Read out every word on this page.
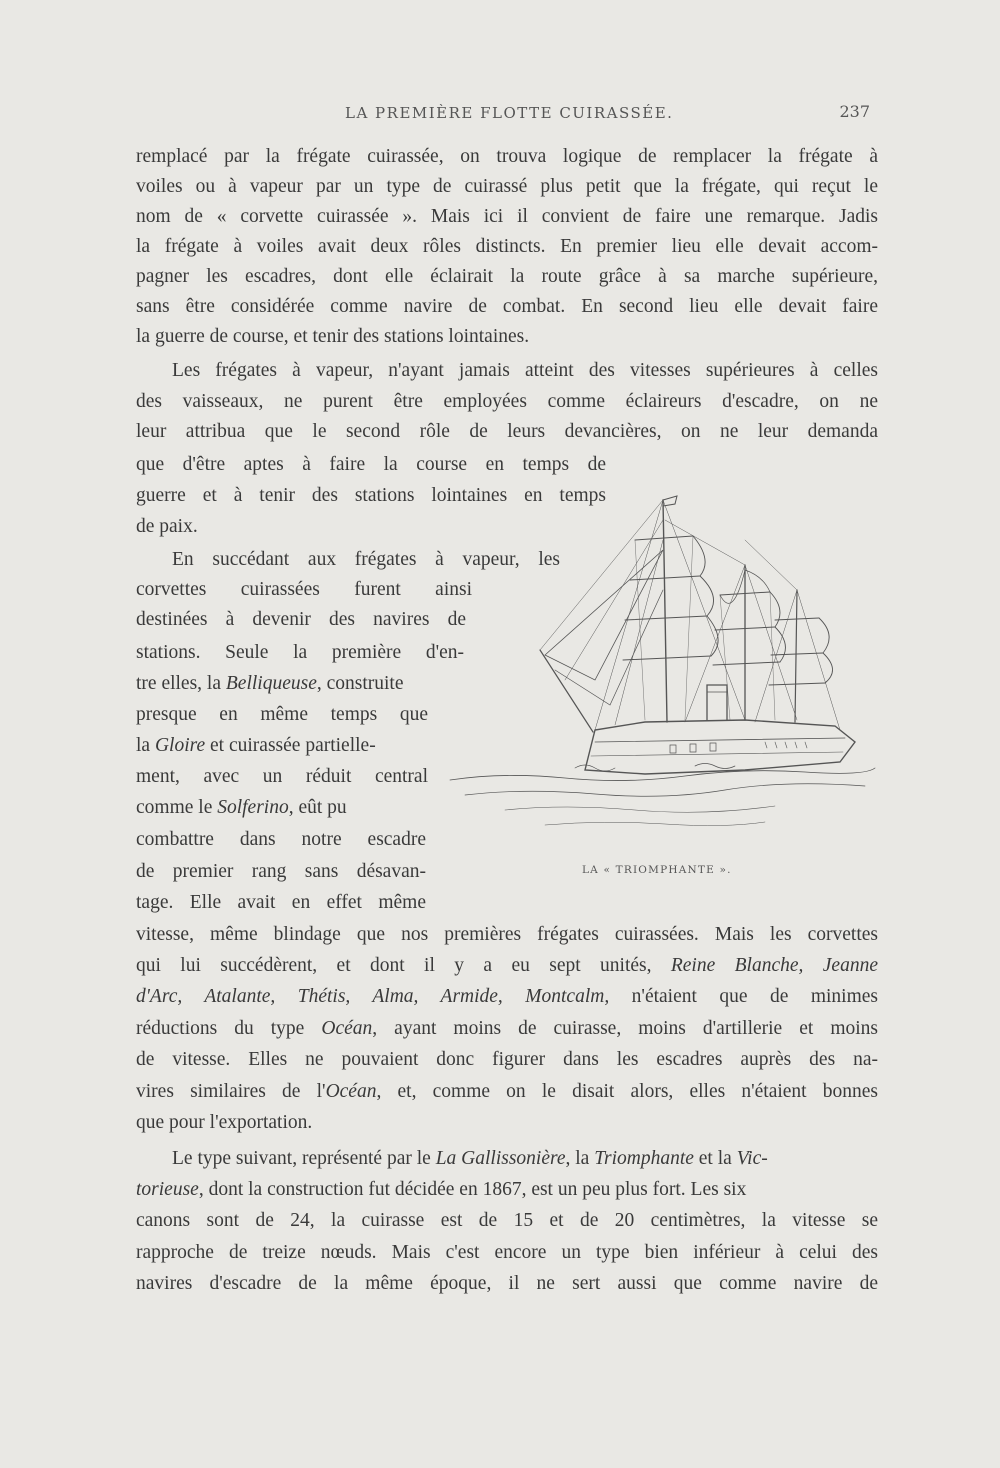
LA PREMIÈRE FLOTTE CUIRASSÉE.	237
remplacé par la frégate cuirassée, on trouva logique de remplacer la frégate à
voiles ou à vapeur par un type de cuirassé plus petit que la frégate, qui reçut le
nom de « corvette cuirassée ». Mais ici il convient de faire une remarque. Jadis
la frégate à voiles avait deux rôles distincts. En premier lieu elle devait accom-
pagner les escadres, dont elle éclairait la route grâce à sa marche supérieure,
sans être considérée comme navire de combat. En second lieu elle devait faire
la guerre de course, et tenir des stations lointaines.
Les frégates à vapeur, n'ayant jamais atteint des vitesses supérieures à celles
des vaisseaux, ne purent être employées comme éclaireurs d'escadre, on ne
leur attribua que le second rôle de leurs devancières, on ne leur demanda
que d'être aptes à faire la course en temps de
guerre et à tenir des stations lointaines en temps
de paix.
En succédant aux frégates à vapeur, les
corvettes cuirassées furent ainsi
destinées à devenir des navires de
stations. Seule la première d'en-
tre elles, la Belliqueuse, construite
presque en même temps que
la Gloire et cuirassée partielle-
ment, avec un réduit central
comme le Solferino, eût pu
combattre dans notre escadre
de premier rang sans désavan-
tage. Elle avait en effet même
vitesse, même blindage que nos premières frégates cuirassées. Mais les corvettes
qui lui succédèrent, et dont il y a eu sept unités, Reine Blanche, Jeanne
d'Arc, Atalante, Thétis, Alma, Armide, Montcalm, n'étaient que de minimes
réductions du type Océan, ayant moins de cuirasse, moins d'artillerie et moins
de vitesse. Elles ne pouvaient donc figurer dans les escadres auprès des na-
vires similaires de l'Océan, et, comme on le disait alors, elles n'étaient bonnes
que pour l'exportation.
Le type suivant, représenté par le La Gallissonière, la Triomphante et la Vic-
torieuse, dont la construction fut décidée en 1867, est un peu plus fort. Les six
canons sont de 24, la cuirasse est de 15 et de 20 centimètres, la vitesse se
rapproche de treize nœuds. Mais c'est encore un type bien inférieur à celui des
navires d'escadre de la même époque, il ne sert aussi que comme navire de
LA « TRIOMPHANTE ».
